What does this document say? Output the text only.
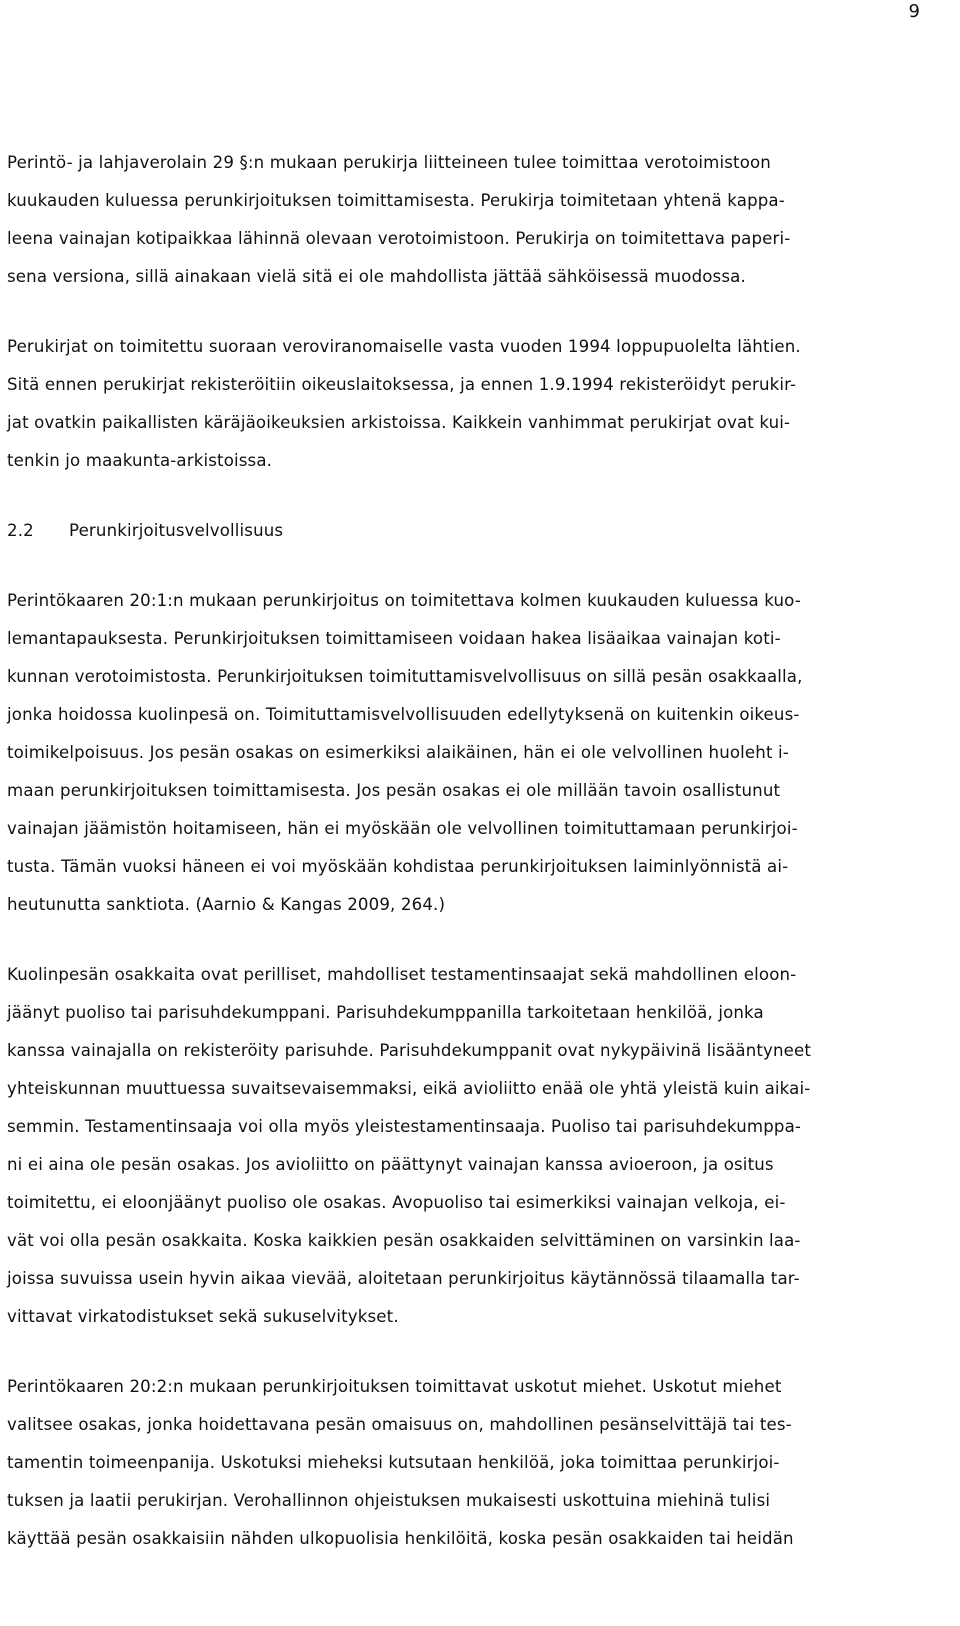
9
Perintö- ja lahjaverolain 29 §:n mukaan perukirja liitteineen tulee toimittaa verotoimistoon
kuukauden kuluessa perunkirjoituksen toimittamisesta. Perukirja toimitetaan yhtenä kappa-
leena vainajan kotipaikkaa lähinnä olevaan verotoimistoon. Perukirja on toimitettava paperi-
sena versiona, sillä ainakaan vielä sitä ei ole mahdollista jättää sähköisessä muodossa.
Perukirjat on toimitettu suoraan veroviranomaiselle vasta vuoden 1994 loppupuolelta lähtien.
Sitä ennen perukirjat rekisteröitiin oikeuslaitoksessa, ja ennen 1.9.1994 rekisteröidyt perukir-
jat ovatkin paikallisten käräjäoikeuksien arkistoissa. Kaikkein vanhimmat perukirjat ovat kui-
tenkin jo maakunta-arkistoissa.
2.2 Perunkirjoitusvelvollisuus
Perintökaaren 20:1:n mukaan perunkirjoitus on toimitettava kolmen kuukauden kuluessa kuo-
lemantapauksesta. Perunkirjoituksen toimittamiseen voidaan hakea lisäaikaa vainajan koti-
kunnan verotoimistosta. Perunkirjoituksen toimituttamisvelvollisuus on sillä pesän osakkaalla,
jonka hoidossa kuolinpesä on. Toimituttamisvelvollisuuden edellytyksenä on kuitenkin oikeus-
toimikelpoisuus. Jos pesän osakas on esimerkiksi alaikäinen, hän ei ole velvollinen huoleht i-
maan perunkirjoituksen toimittamisesta. Jos pesän osakas ei ole millään tavoin osallistunut
vainajan jäämistön hoitamiseen, hän ei myöskään ole velvollinen toimituttamaan perunkirjoi-
tusta. Tämän vuoksi häneen ei voi myöskään kohdistaa perunkirjoituksen laiminlyönnistä ai-
heutunutta sanktiota. (Aarnio & Kangas 2009, 264.)
Kuolinpesän osakkaita ovat perilliset, mahdolliset testamentinsaajat sekä mahdollinen eloon-
jäänyt puoliso tai parisuhdekumppani. Parisuhdekumppanilla tarkoitetaan henkilöä, jonka
kanssa vainajalla on rekisteröity parisuhde. Parisuhdekumppanit ovat nykypäivinä lisääntyneet
yhteiskunnan muuttuessa suvaitsevaisemmaksi, eikä avioliitto enää ole yhtä yleistä kuin aikai-
semmin. Testamentinsaaja voi olla myös yleistestamentinsaaja. Puoliso tai parisuhdekumppa-
ni ei aina ole pesän osakas. Jos avioliitto on päättynyt vainajan kanssa avioeroon, ja ositus
toimitettu, ei eloonjäänyt puoliso ole osakas. Avopuoliso tai esimerkiksi vainajan velkoja, ei-
vät voi olla pesän osakkaita. Koska kaikkien pesän osakkaiden selvittäminen on varsinkin laa-
joissa suvuissa usein hyvin aikaa vievää, aloitetaan perunkirjoitus käytännössä tilaamalla tar-
vittavat virkatodistukset sekä sukuselvitykset.
Perintökaaren 20:2:n mukaan perunkirjoituksen toimittavat uskotut miehet. Uskotut miehet
valitsee osakas, jonka hoidettavana pesän omaisuus on, mahdollinen pesänselvittäjä tai tes-
tamentin toimeenpanija. Uskotuksi mieheksi kutsutaan henkilöä, joka toimittaa perunkirjoi-
tuksen ja laatii perukirjan. Verohallinnon ohjeistuksen mukaisesti uskottuina miehinä tulisi
käyttää pesän osakkaisiin nähden ulkopuolisia henkilöitä, koska pesän osakkaiden tai heidän
